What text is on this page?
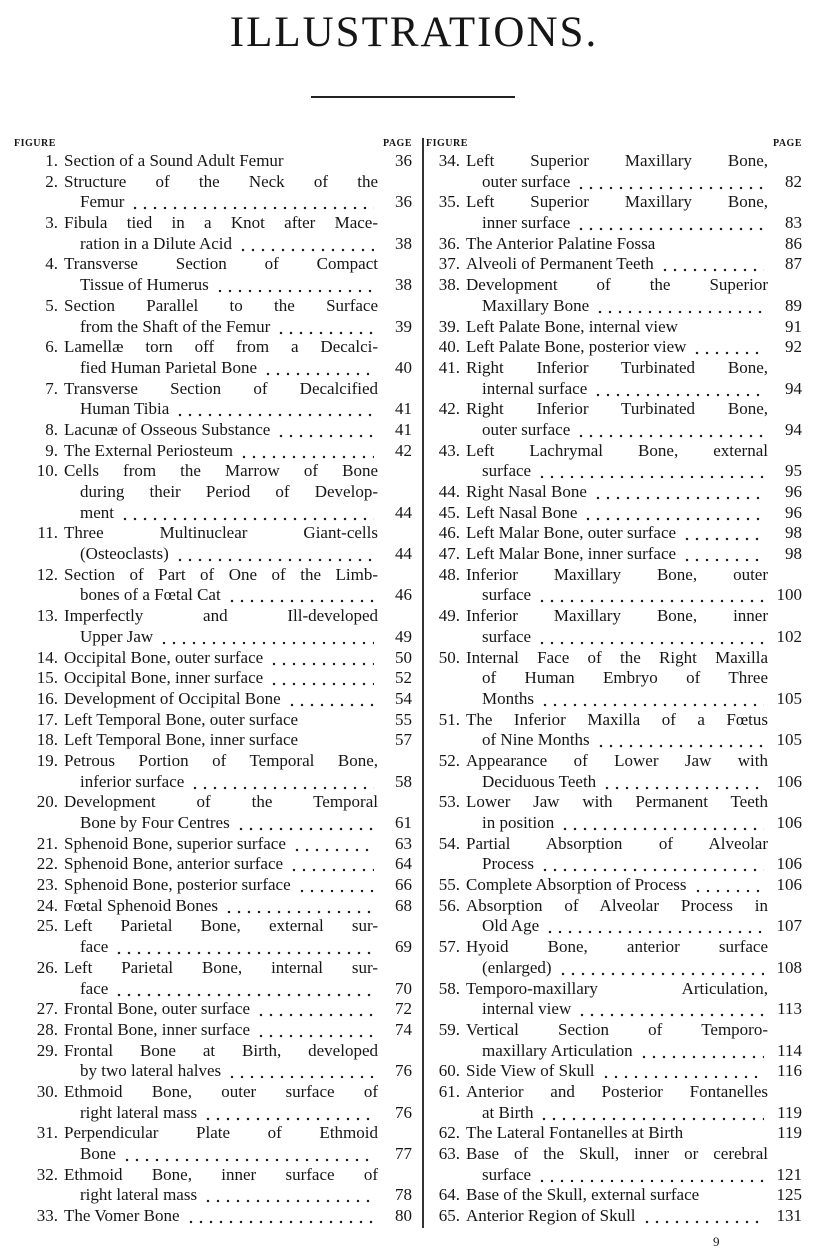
ILLUSTRATIONS.
FIGURE	PAGE
1. Section of a Sound Adult Femur	36
2. Structure of the Neck of the
Femur	36
3. Fibula tied in a Knot after Mace-
ration in a Dilute Acid	38
4. Transverse Section of Compact
Tissue of Humerus	38
5. Section Parallel to the Surface
from the Shaft of the Femur	39
6. Lamellæ torn off from a Decalci-
fied Human Parietal Bone	40
7. Transverse Section of Decalcified
Human Tibia	41
8. Lacunæ of Osseous Substance	41
9. The External Periosteum	42
10. Cells from the Marrow of Bone
during their Period of Develop-
ment	44
11. Three Multinuclear Giant-cells
(Osteoclasts)	44
12. Section of Part of One of the Limb-
bones of a Fœtal Cat	46
13. Imperfectly and Ill-developed
Upper Jaw	49
14. Occipital Bone, outer surface	50
15. Occipital Bone, inner surface	52
16. Development of Occipital Bone	54
17. Left Temporal Bone, outer surface	55
18. Left Temporal Bone, inner surface	57
19. Petrous Portion of Temporal Bone,
inferior surface	58
20. Development of the Temporal
Bone by Four Centres	61
21. Sphenoid Bone, superior surface	63
22. Sphenoid Bone, anterior surface	64
23. Sphenoid Bone, posterior surface	66
24. Fœtal Sphenoid Bones	68
25. Left Parietal Bone, external sur-
face	69
26. Left Parietal Bone, internal sur-
face	70
27. Frontal Bone, outer surface	72
28. Frontal Bone, inner surface	74
29. Frontal Bone at Birth, developed
by two lateral halves	76
30. Ethmoid Bone, outer surface of
right lateral mass	76
31. Perpendicular Plate of Ethmoid
Bone	77
32. Ethmoid Bone, inner surface of
right lateral mass	78
33. The Vomer Bone	80
FIGURE	PAGE
34. Left Superior Maxillary Bone,
outer surface	82
35. Left Superior Maxillary Bone,
inner surface	83
36. The Anterior Palatine Fossa	86
37. Alveoli of Permanent Teeth	87
38. Development of the Superior
Maxillary Bone	89
39. Left Palate Bone, internal view	91
40. Left Palate Bone, posterior view	92
41. Right Inferior Turbinated Bone,
internal surface	94
42. Right Inferior Turbinated Bone,
outer surface	94
43. Left Lachrymal Bone, external
surface	95
44. Right Nasal Bone	96
45. Left Nasal Bone	96
46. Left Malar Bone, outer surface	98
47. Left Malar Bone, inner surface	98
48. Inferior Maxillary Bone, outer
surface	100
49. Inferior Maxillary Bone, inner
surface	102
50. Internal Face of the Right Maxilla
of Human Embryo of Three
Months	105
51. The Inferior Maxilla of a Fœtus
of Nine Months	105
52. Appearance of Lower Jaw with
Deciduous Teeth	106
53. Lower Jaw with Permanent Teeth
in position	106
54. Partial Absorption of Alveolar
Process	106
55. Complete Absorption of Process	106
56. Absorption of Alveolar Process in
Old Age	107
57. Hyoid Bone, anterior surface
(enlarged)	108
58. Temporo-maxillary Articulation,
internal view	113
59. Vertical Section of Temporo-
maxillary Articulation	114
60. Side View of Skull	116
61. Anterior and Posterior Fontanelles
at Birth	119
62. The Lateral Fontanelles at Birth	119
63. Base of the Skull, inner or cerebral
surface	121
64. Base of the Skull, external surface	125
65. Anterior Region of Skull	131
9
